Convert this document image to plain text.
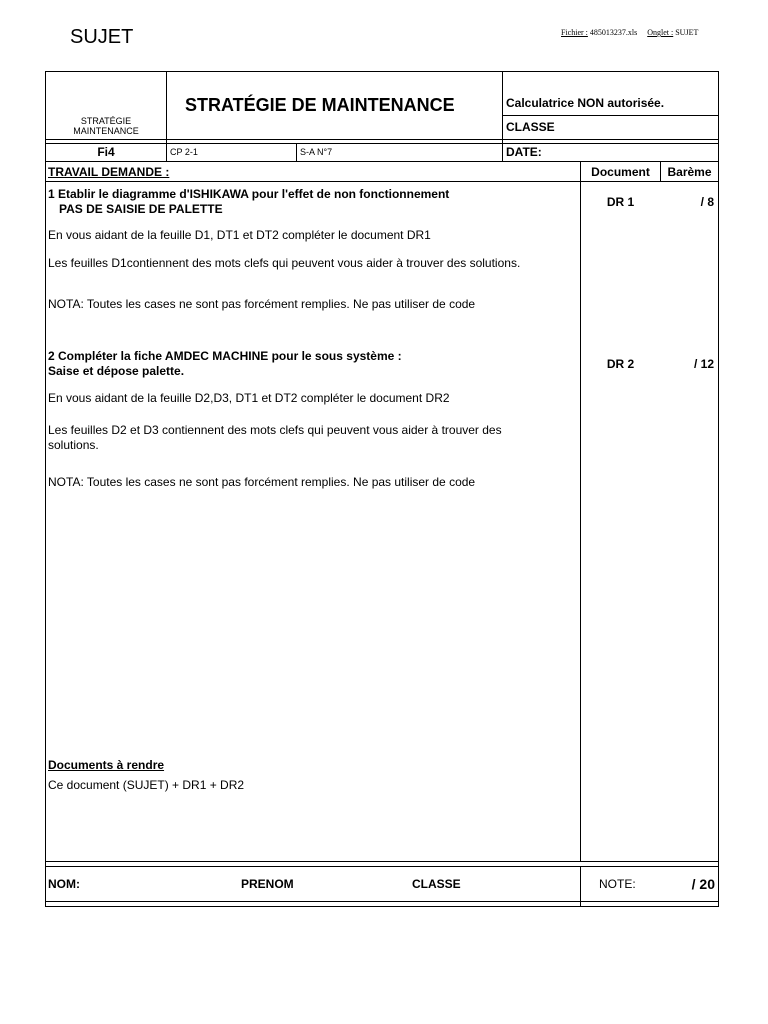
SUJET	Fichier : 485013237.xls Onglet : SUJET
STRATÉGIE
MAINTENANCE
STRATÉGIE DE MAINTENANCE	Calculatrice NON autorisée.
CLASSE
Fi4	CP 2-1	S-A N°7	DATE:
TRAVAIL DEMANDE :	Document	Barème
1 Etablir le diagramme d'ISHIKAWA pour l'effet de non fonctionnement
PAS DE SAISIE DE PALETTE	DR 1	/ 8
En vous aidant de la feuille D1, DT1 et DT2 compléter le document DR1
Les feuilles D1contiennent des mots clefs qui peuvent vous aider à trouver des solutions.
NOTA: Toutes les cases ne sont pas forcément remplies. Ne pas utiliser de code
2 Compléter la fiche AMDEC MACHINE pour le sous système :
Saise et dépose palette.	DR 2	/ 12
En vous aidant de la feuille D2,D3, DT1 et DT2 compléter le document DR2
Les feuilles D2 et D3 contiennent des mots clefs qui peuvent vous aider à trouver des
solutions.
NOTA: Toutes les cases ne sont pas forcément remplies. Ne pas utiliser de code
Documents à rendre
Ce document (SUJET) + DR1 + DR2
NOM:	PRENOM	CLASSE	NOTE:	/ 20
